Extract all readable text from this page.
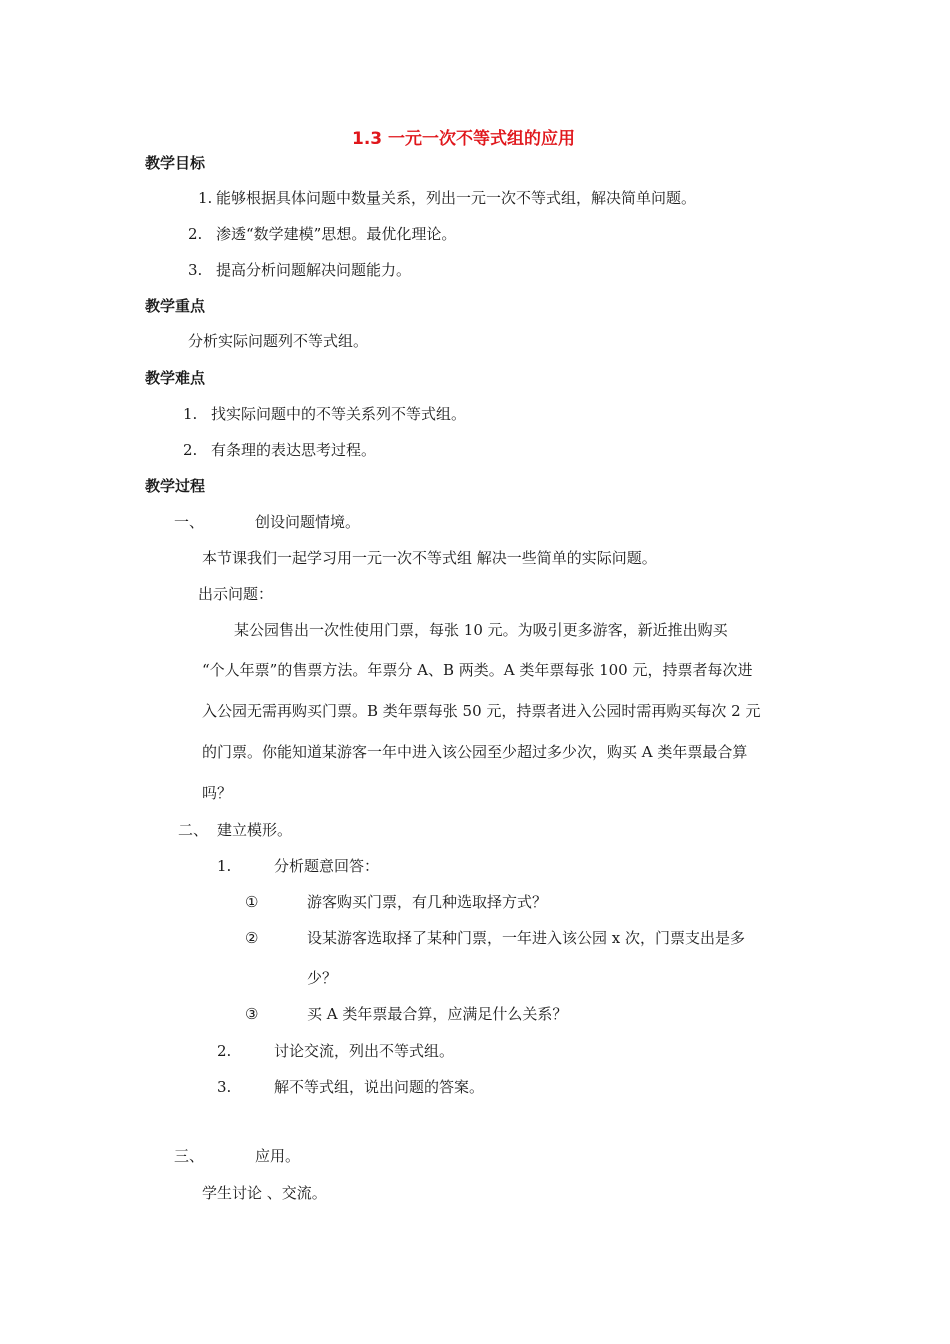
1.3 一元一次不等式组的应用
教学目标
1. 能够根据具体问题中数量关系，列出一元一次不等式组，解决简单问题。
2. 渗透“数学建模”思想。最优化理论。
3. 提高分析问题解决问题能力。
教学重点
分析实际问题列不等式组。
教学难点
1. 找实际问题中的不等关系列不等式组。
2. 有条理的表达思考过程。
教学过程
一、	创设问题情境。
本节课我们一起学习用一元一次不等式组 解决一些简单的实际问题。
出示问题：
某公园售出一次性使用门票，每张 10 元。为吸引更多游客，新近推出购买
“个人年票”的售票方法。年票分 A、B 两类。A 类年票每张 100 元，持票者每次进
入公园无需再购买门票。B 类年票每张 50 元，持票者进入公园时需再购买每次 2 元
的门票。你能知道某游客一年中进入该公园至少超过多少次，购买 A 类年票最合算
吗？
二、 建立模形。
1.	分析题意回答：
①	游客购买门票，有几种选取择方式？
②	设某游客选取择了某种门票，一年进入该公园 x 次，门票支出是多
少？
③	买 A 类年票最合算，应满足什么关系？
2.	讨论交流，列出不等式组。
3.	解不等式组，说出问题的答案。
三、	应用。
学生讨论 、交流。
